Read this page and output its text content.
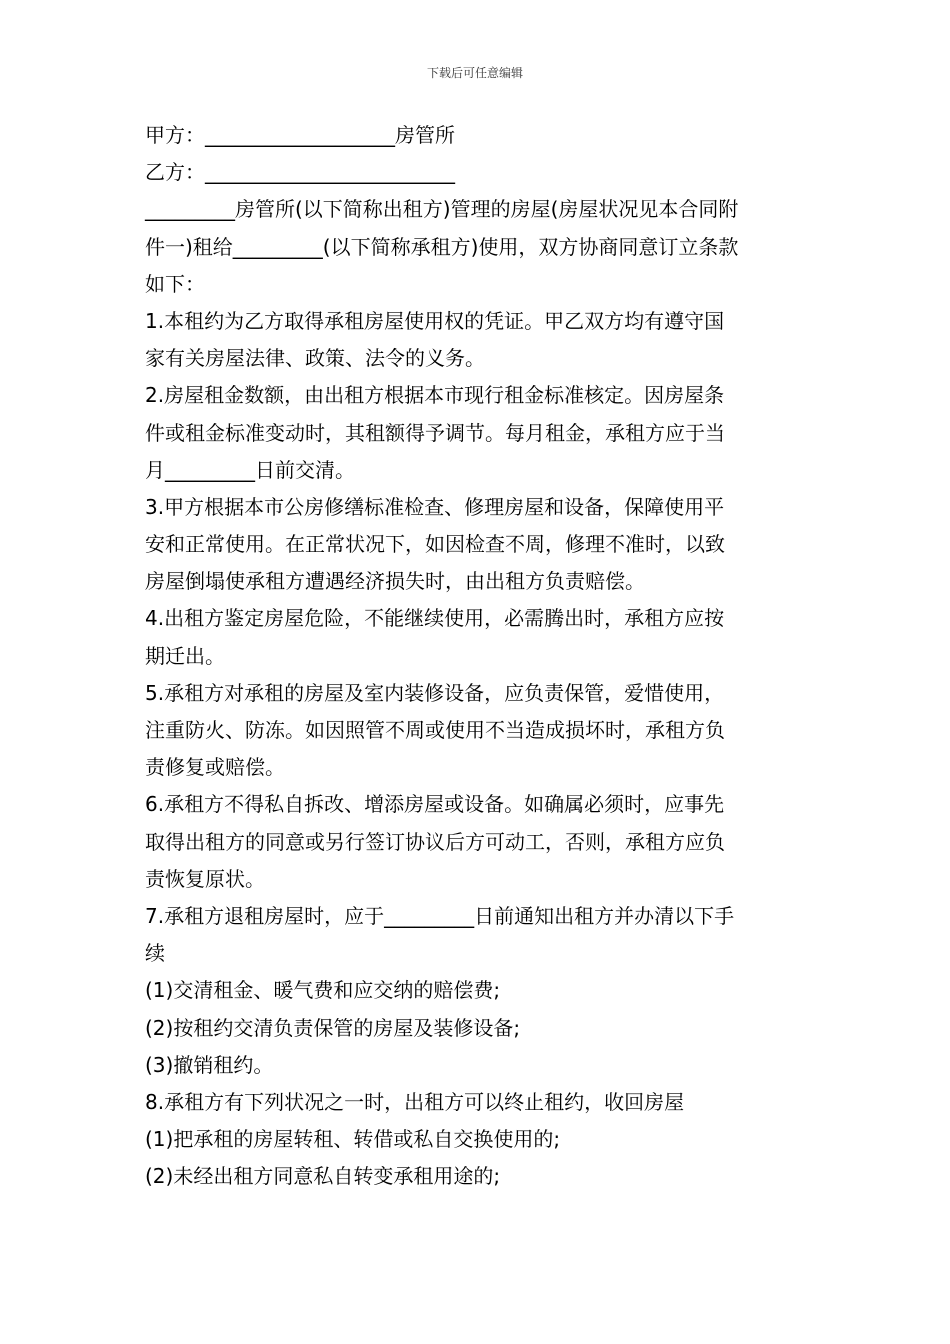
下载后可任意编辑
甲方：___________________房管所
乙方：_________________________
_________房管所(以下简称出租方)管理的房屋(房屋状况见本合同附
件一)租给_________(以下简称承租方)使用，双方协商同意订立条款
如下：
1.本租约为乙方取得承租房屋使用权的凭证。甲乙双方均有遵守国
家有关房屋法律、政策、法令的义务。
2.房屋租金数额，由出租方根据本市现行租金标准核定。因房屋条
件或租金标准变动时，其租额得予调节。每月租金，承租方应于当
月_________日前交清。
3.甲方根据本市公房修缮标准检查、修理房屋和设备，保障使用平
安和正常使用。在正常状况下，如因检查不周，修理不准时，以致
房屋倒塌使承租方遭遇经济损失时，由出租方负责赔偿。
4.出租方鉴定房屋危险，不能继续使用，必需腾出时，承租方应按
期迁出。
5.承租方对承租的房屋及室内装修设备，应负责保管，爱惜使用，
注重防火、防冻。如因照管不周或使用不当造成损坏时，承租方负
责修复或赔偿。
6.承租方不得私自拆改、增添房屋或设备。如确属必须时，应事先
取得出租方的同意或另行签订协议后方可动工，否则，承租方应负
责恢复原状。
7.承租方退租房屋时，应于_________日前通知出租方并办清以下手
续
(1)交清租金、暖气费和应交纳的赔偿费;
(2)按租约交清负责保管的房屋及装修设备;
(3)撤销租约。
8.承租方有下列状况之一时，出租方可以终止租约，收回房屋
(1)把承租的房屋转租、转借或私自交换使用的;
(2)未经出租方同意私自转变承租用途的;
